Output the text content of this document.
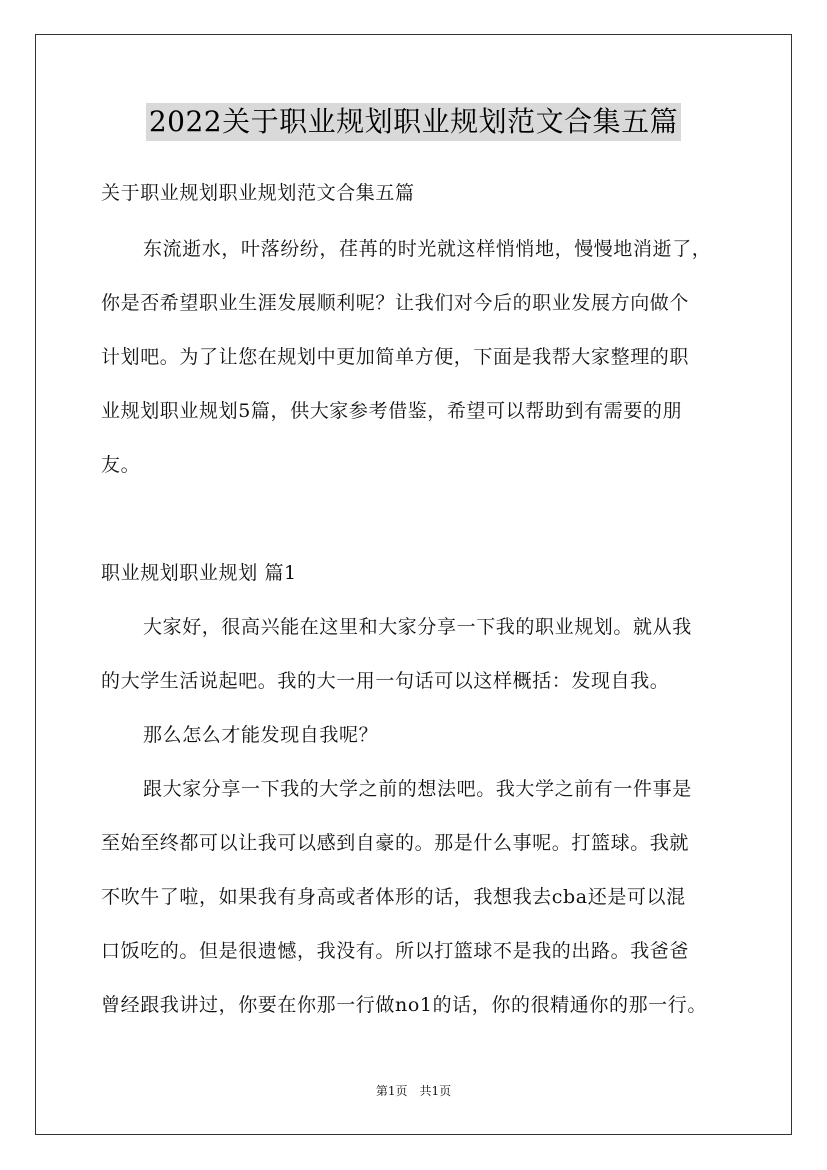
2022关于职业规划职业规划范文合集五篇
关于职业规划职业规划范文合集五篇
东流逝水，叶落纷纷，荏苒的时光就这样悄悄地，慢慢地消逝了，
你是否希望职业生涯发展顺利呢？让我们对今后的职业发展方向做个
计划吧。为了让您在规划中更加简单方便，下面是我帮大家整理的职
业规划职业规划5篇，供大家参考借鉴，希望可以帮助到有需要的朋
友。
职业规划职业规划 篇1
大家好，很高兴能在这里和大家分享一下我的职业规划。就从我
的大学生活说起吧。我的大一用一句话可以这样概括：发现自我。
那么怎么才能发现自我呢？
跟大家分享一下我的大学之前的想法吧。我大学之前有一件事是
至始至终都可以让我可以感到自豪的。那是什么事呢。打篮球。我就
不吹牛了啦，如果我有身高或者体形的话，我想我去cba还是可以混
口饭吃的。但是很遗憾，我没有。所以打篮球不是我的出路。我爸爸
曾经跟我讲过，你要在你那一行做no1的话，你的很精通你的那一行。
第1页　共1页
